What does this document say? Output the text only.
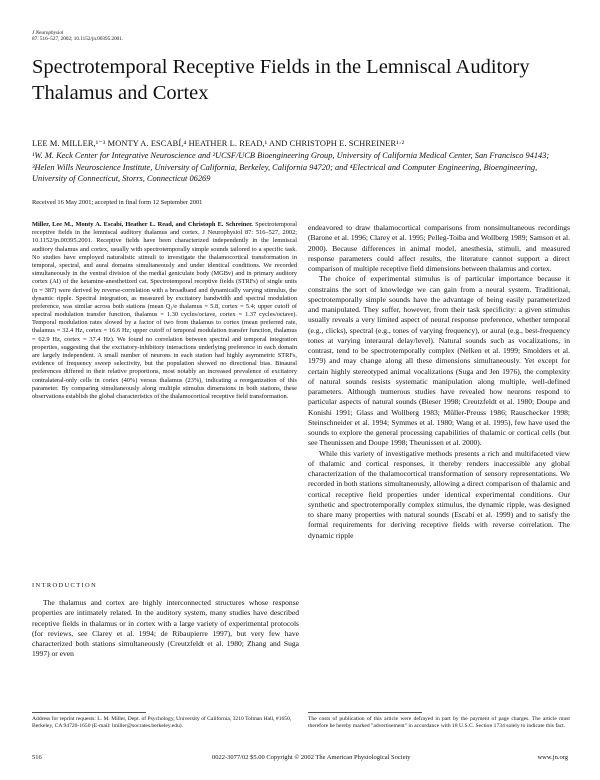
J Neurophysiol
87: 516–527, 2002; 10.1152/jn.00395.2001.
Spectrotemporal Receptive Fields in the Lemniscal Auditory Thalamus and Cortex
LEE M. MILLER,¹⁻³ MONTY A. ESCABÍ,⁴ HEATHER L. READ,¹ AND CHRISTOPH E. SCHREINER¹·²
¹W. M. Keck Center for Integrative Neuroscience and ²UCSF/UCB Bioengineering Group, University of California Medical Center, San Francisco 94143; ³Helen Wills Neuroscience Institute, University of California, Berkeley, California 94720; and ⁴Electrical and Computer Engineering, Bioengineering, University of Connecticut, Storrs, Connecticut 06269
Received 16 May 2001; accepted in final form 12 September 2001
Miller, Lee M., Monty A. Escabí, Heather L. Read, and Christoph E. Schreiner. Spectrotemporal receptive fields in the lemniscal auditory thalamus and cortex. J Neurophysiol 87: 516–527, 2002; 10.1152/jn.00395.2001. Receptive fields have been characterized independently in the lemniscal auditory thalamus and cortex, usually with spectrotemporally simple sounds tailored to a specific task. No studies have employed naturalistic stimuli to investigate the thalamocortical transformation in temporal, spectral, and aural domains simultaneously and under identical conditions. We recorded simultaneously in the ventral division of the medial geniculate body (MGBv) and in primary auditory cortex (AI) of the ketamine-anesthetized cat. Spectrotemporal receptive fields (STRFs) of single units (n = 387) were derived by reverse-correlation with a broadband and dynamically varying stimulus, the dynamic ripple. Spectral integration, as measured by excitatory bandwidth and spectral modulation preference, was similar across both stations (mean Q₁/e thalamus = 5.8, cortex = 5.4; upper cutoff of spectral modulation transfer function, thalamus = 1.30 cycles/octave, cortex = 1.37 cycles/octave). Temporal modulation rates slowed by a factor of two from thalamus to cortex (mean preferred rate, thalamus = 32.4 Hz, cortex = 16.6 Hz; upper cutoff of temporal modulation transfer function, thalamus = 62.9 Hz, cortex = 37.4 Hz). We found no correlation between spectral and temporal integration properties, suggesting that the excitatory-inhibitory interactions underlying preference in each domain are largely independent. A small number of neurons in each station had highly asymmetric STRFs, evidence of frequency sweep selectivity, but the population showed no directional bias. Binaural preferences differed in their relative proportions, most notably an increased prevalence of excitatory contralateral-only cells in cortex (40%) versus thalamus (23%), indicating a reorganization of this parameter. By comparing simultaneously along multiple stimulus dimensions in both stations, these observations establish the global characteristics of the thalamocortical receptive field transformation.
INTRODUCTION

The thalamus and cortex are highly interconnected structures whose response properties are intimately related. In the auditory system, many studies have described receptive fields in thalamus or in cortex with a large variety of experimental protocols (for reviews, see Clarey et al. 1994; de Ribaupierre 1997), but very few have characterized both stations simultaneously (Creutzfeldt et al. 1980; Zhang and Suga 1997) or even

endeavored to draw thalamocortical comparisons from nonsimultaneous recordings (Barone et al. 1996; Clarey et al. 1995; Pelleg-Toiba and Wollberg 1989; Samson et al. 2000). Because differences in animal model, anesthesia, stimuli, and measured response parameters could affect results, the literature cannot support a direct comparison of multiple receptive field dimensions between thalamus and cortex.

The choice of experimental stimulus is of particular importance because it constrains the sort of knowledge we can gain from a neural system. Traditional, spectrotemporally simple sounds have the advantage of being easily parameterized and manipulated. They suffer, however, from their task specificity: a given stimulus usually reveals a very limited aspect of neural response preference, whether temporal (e.g., clicks), spectral (e.g., tones of varying frequency), or aural (e.g., best-frequency tones at varying interaural delay/level). Natural sounds such as vocalizations, in contrast, tend to be spectrotemporally complex (Nelken et al. 1999; Smolders et al. 1979) and may change along all these dimensions simultaneously. Yet except for certain highly stereotyped animal vocalizations (Suga and Jen 1976), the complexity of natural sounds resists systematic manipulation along multiple, well-defined parameters. Although numerous studies have revealed how neurons respond to particular aspects of natural sounds (Bieser 1998; Creutzfeldt et al. 1980; Doupe and Konishi 1991; Glass and Wollberg 1983; Müller-Preuss 1986; Rauschecker 1998; Steinschneider et al. 1994; Symmes et al. 1980; Wang et al. 1995), few have used the sounds to explore the general processing capabilities of thalamic or cortical cells (but see Theunissen and Doupe 1998; Theunissen et al. 2000).

While this variety of investigative methods presents a rich and multifaceted view of thalamic and cortical responses, it thereby renders inaccessible any global characterization of the thalamocortical transformation of sensory representations. We recorded in both stations simultaneously, allowing a direct comparison of thalamic and cortical receptive field properties under identical experimental conditions. Our synthetic and spectrotemporally complex stimulus, the dynamic ripple, was designed to share many properties with natural sounds (Escabí et al. 1999) and to satisfy the formal requirements for deriving receptive fields with reverse correlation. The dynamic ripple

Address for reprint requests: L. M. Miller, Dept. of Psychology, University of California, 3210 Tolman Hall, #1650, Berkeley, CA 94720-1650 (E-mail: lmiller@socrates.berkeley.edu).
The costs of publication of this article were defrayed in part by the payment of page charges. The article must therefore be hereby marked "advertisement" in accordance with 18 U.S.C. Section 1734 solely to indicate this fact.
516	0022-3077/02 $5.00 Copyright © 2002 The American Physiological Society	www.jn.org
